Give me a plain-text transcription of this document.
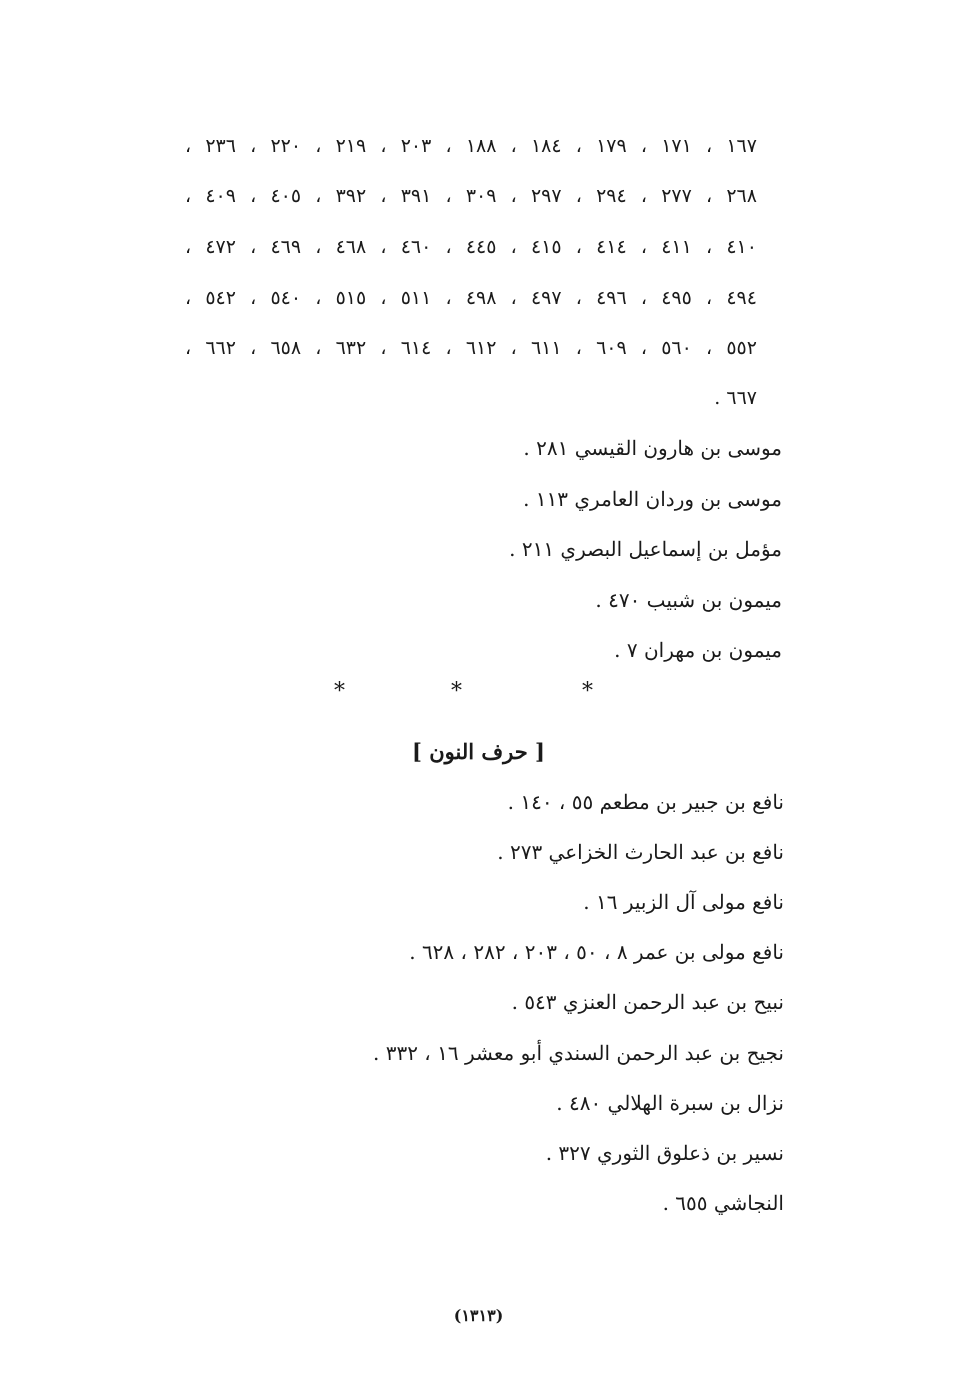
١٦٧ ، ١٧١ ، ١٧٩ ، ١٨٤ ، ١٨٨ ، ٢٠٣ ، ٢١٩ ، ٢٢٠ ، ٢٣٦ ،
٢٦٨ ، ٢٧٧ ، ٢٩٤ ، ٢٩٧ ، ٣٠٩ ، ٣٩١ ، ٣٩٢ ، ٤٠٥ ، ٤٠٩ ،
٤١٠ ، ٤١١ ، ٤١٤ ، ٤١٥ ، ٤٤٥ ، ٤٦٠ ، ٤٦٨ ، ٤٦٩ ، ٤٧٢ ،
٤٩٤ ، ٤٩٥ ، ٤٩٦ ، ٤٩٧ ، ٤٩٨ ، ٥١١ ، ٥١٥ ، ٥٤٠ ، ٥٤٢ ،
٥٥٢ ، ٥٦٠ ، ٦٠٩ ، ٦١١ ، ٦١٢ ، ٦١٤ ، ٦٣٢ ، ٦٥٨ ، ٦٦٢ ،
٦٦٧ .
موسى بن هارون القيسي ٢٨١ .
موسى بن وردان العامري ١١٣ .
مؤمل بن إسماعيل البصري ٢١١ .
ميمون بن شبيب ٤٧٠ .
ميمون بن مهران ٧ .
*	*	*
[ حرف النون ]
نافع بن جبير بن مطعم ٥٥ ، ١٤٠ .
نافع بن عبد الحارث الخزاعي ٢٧٣ .
نافع مولى آل الزبير ١٦ .
نافع مولى بن عمر ٨ ، ٥٠ ، ٢٠٣ ، ٢٨٢ ، ٦٢٨ .
نبيح بن عبد الرحمن العنزي ٥٤٣ .
نجيح بن عبد الرحمن السندي أبو معشر ١٦ ، ٣٣٢ .
نزال بن سبرة الهلالي ٤٨٠ .
نسير بن ذعلوق الثوري ٣٢٧ .
النجاشي ٦٥٥ .
(١٣١٣)
